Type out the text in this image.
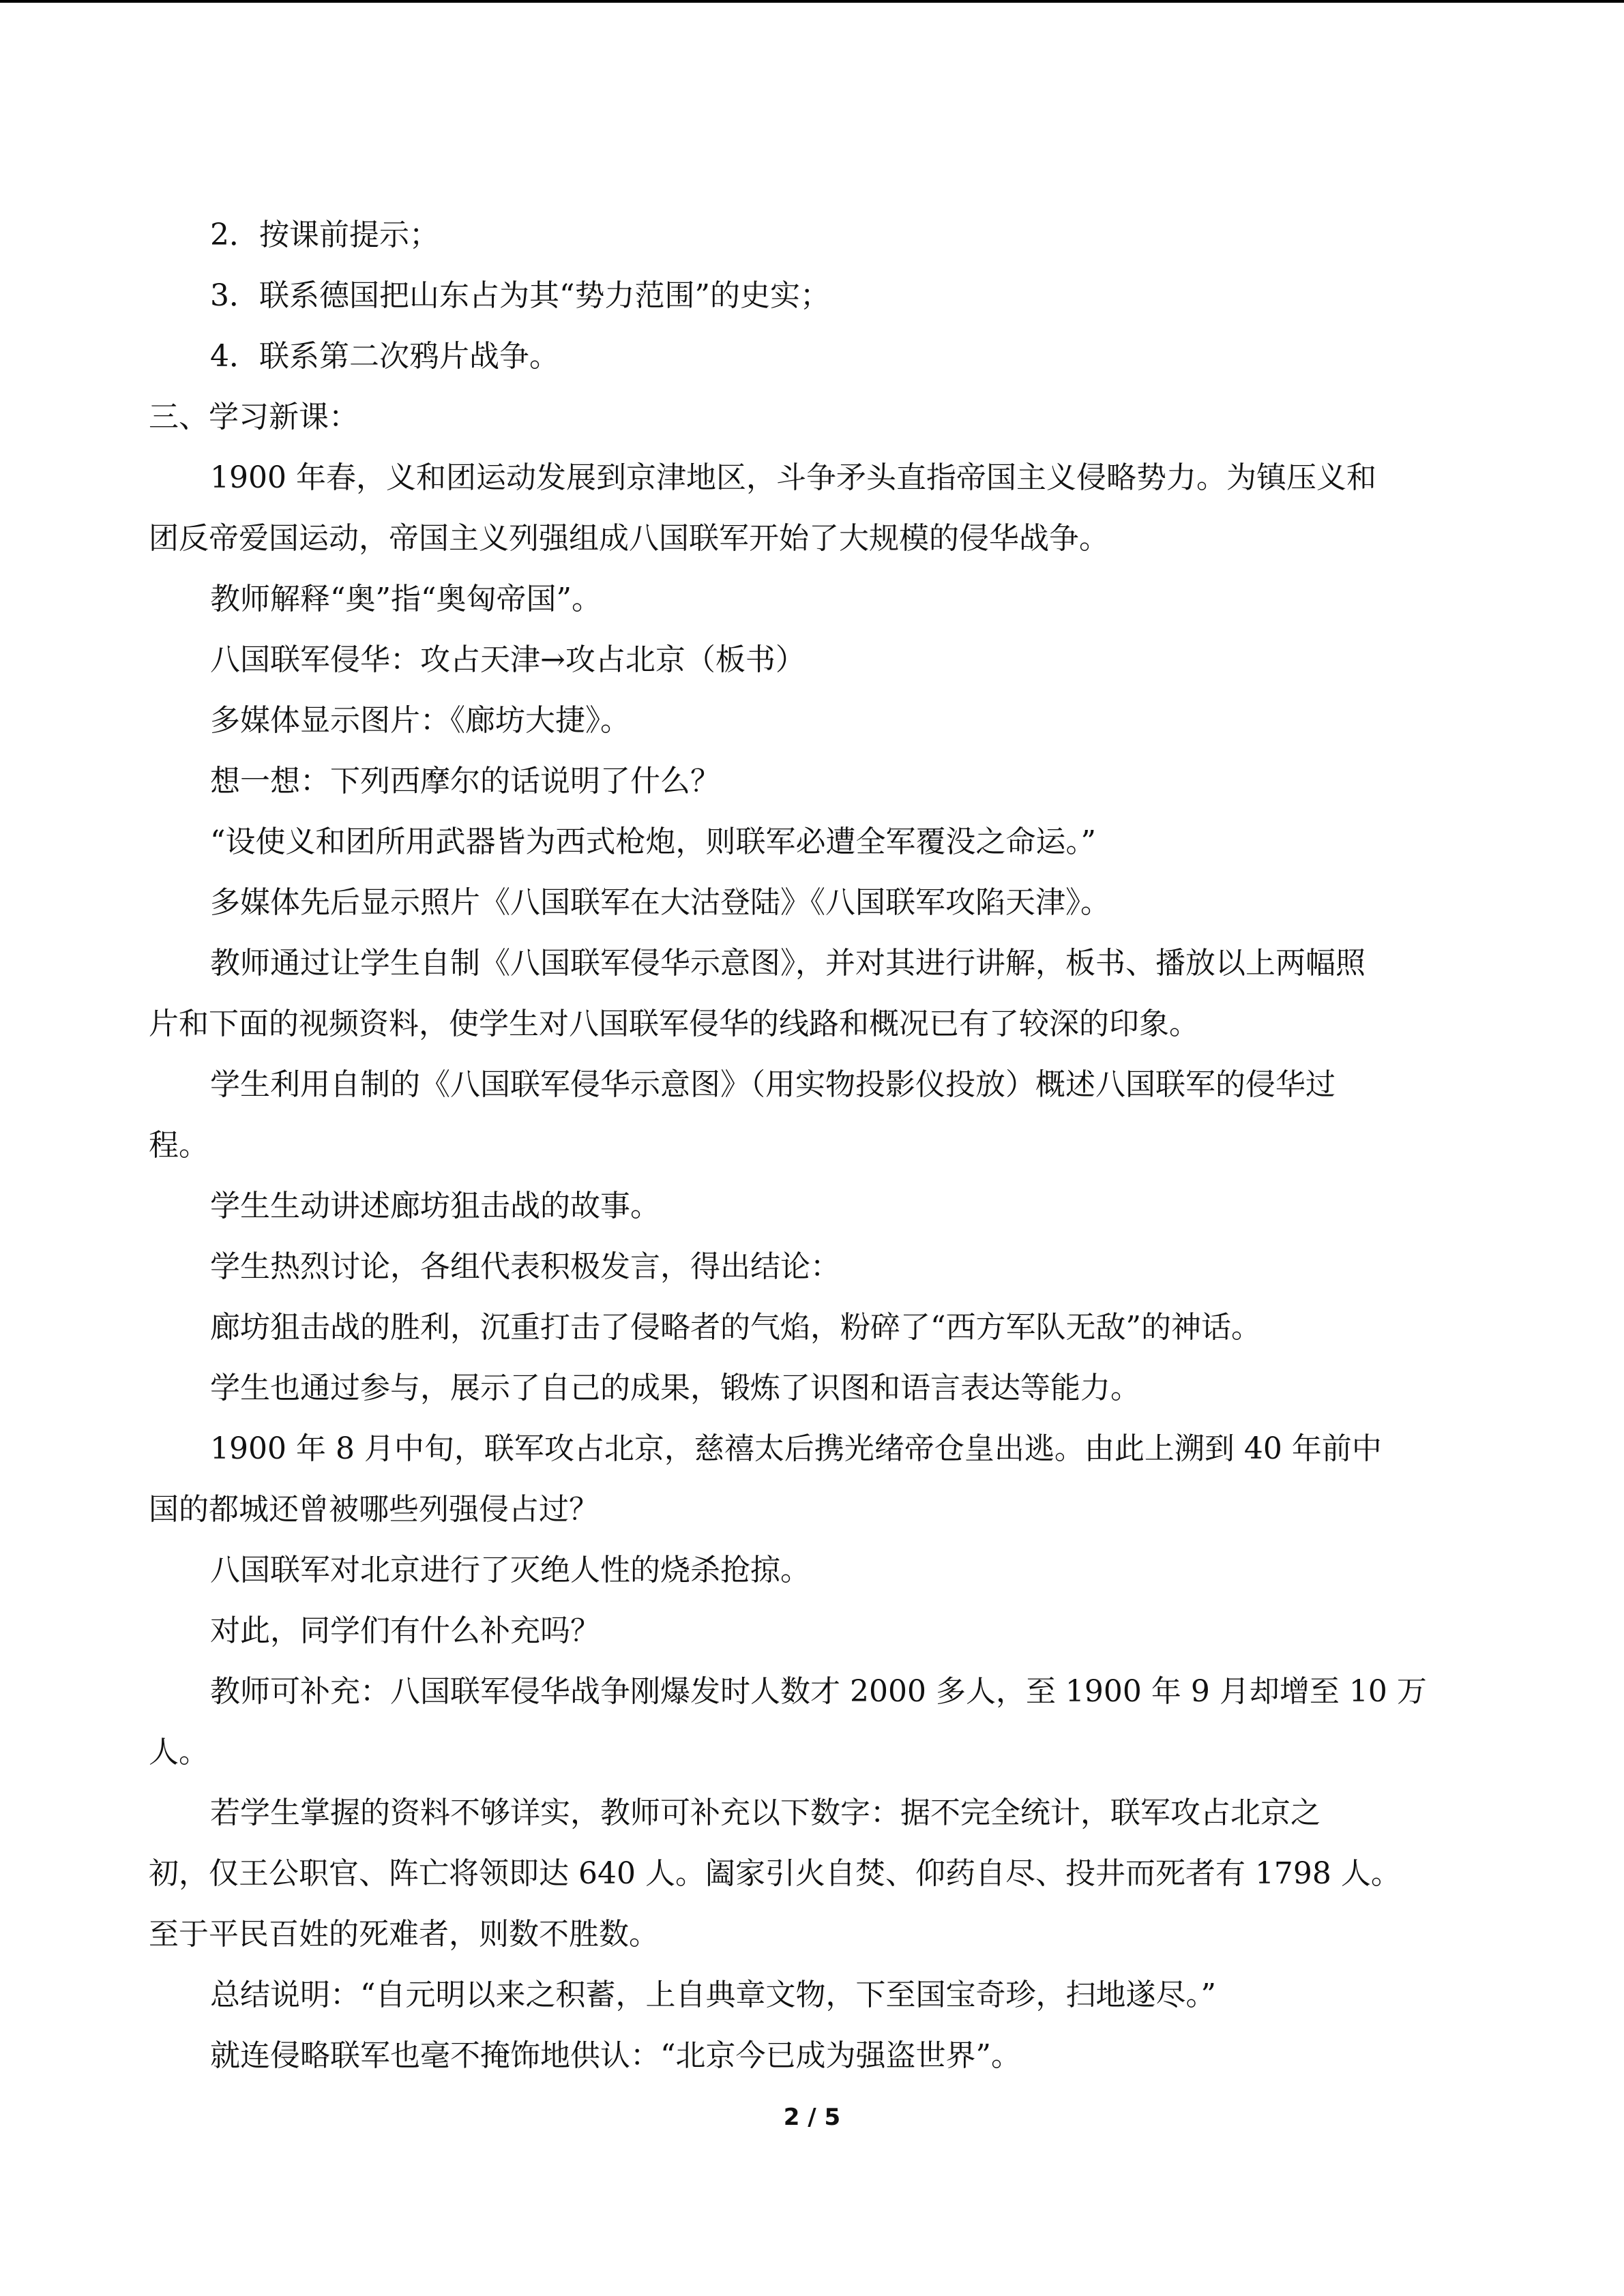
2．按课前提示；

3．联系德国把山东占为其“势力范围”的史实；

4．联系第二次鸦片战争。

三、学习新课：

1900 年春，义和团运动发展到京津地区，斗争矛头直指帝国主义侵略势力。为镇压义和

团反帝爱国运动，帝国主义列强组成八国联军开始了大规模的侵华战争。

教师解释“奥”指“奥匈帝国”。

八国联军侵华：攻占天津→攻占北京（板书）

多媒体显示图片：《廊坊大捷》。

想一想：下列西摩尔的话说明了什么？

“设使义和团所用武器皆为西式枪炮，则联军必遭全军覆没之命运。”

多媒体先后显示照片《八国联军在大沽登陆》《八国联军攻陷天津》。

教师通过让学生自制《八国联军侵华示意图》，并对其进行讲解，板书、播放以上两幅照

片和下面的视频资料，使学生对八国联军侵华的线路和概况已有了较深的印象。

学生利用自制的《八国联军侵华示意图》（用实物投影仪投放）概述八国联军的侵华过

程。

学生生动讲述廊坊狙击战的故事。

学生热烈讨论，各组代表积极发言，得出结论：

廊坊狙击战的胜利，沉重打击了侵略者的气焰，粉碎了“西方军队无敌”的神话。

学生也通过参与，展示了自己的成果，锻炼了识图和语言表达等能力。

1900 年 8 月中旬，联军攻占北京，慈禧太后携光绪帝仓皇出逃。由此上溯到 40 年前中

国的都城还曾被哪些列强侵占过？

八国联军对北京进行了灭绝人性的烧杀抢掠。

对此，同学们有什么补充吗？

教师可补充：八国联军侵华战争刚爆发时人数才 2000 多人，至 1900 年 9 月却增至 10 万

人。

若学生掌握的资料不够详实，教师可补充以下数字：据不完全统计，联军攻占北京之

初，仅王公职官、阵亡将领即达 640 人。阖家引火自焚、仰药自尽、投井而死者有 1798 人。

至于平民百姓的死难者，则数不胜数。

总结说明：“自元明以来之积蓄，上自典章文物，下至国宝奇珍，扫地遂尽。”

就连侵略联军也毫不掩饰地供认：“北京今已成为强盗世界”。

2 / 5
